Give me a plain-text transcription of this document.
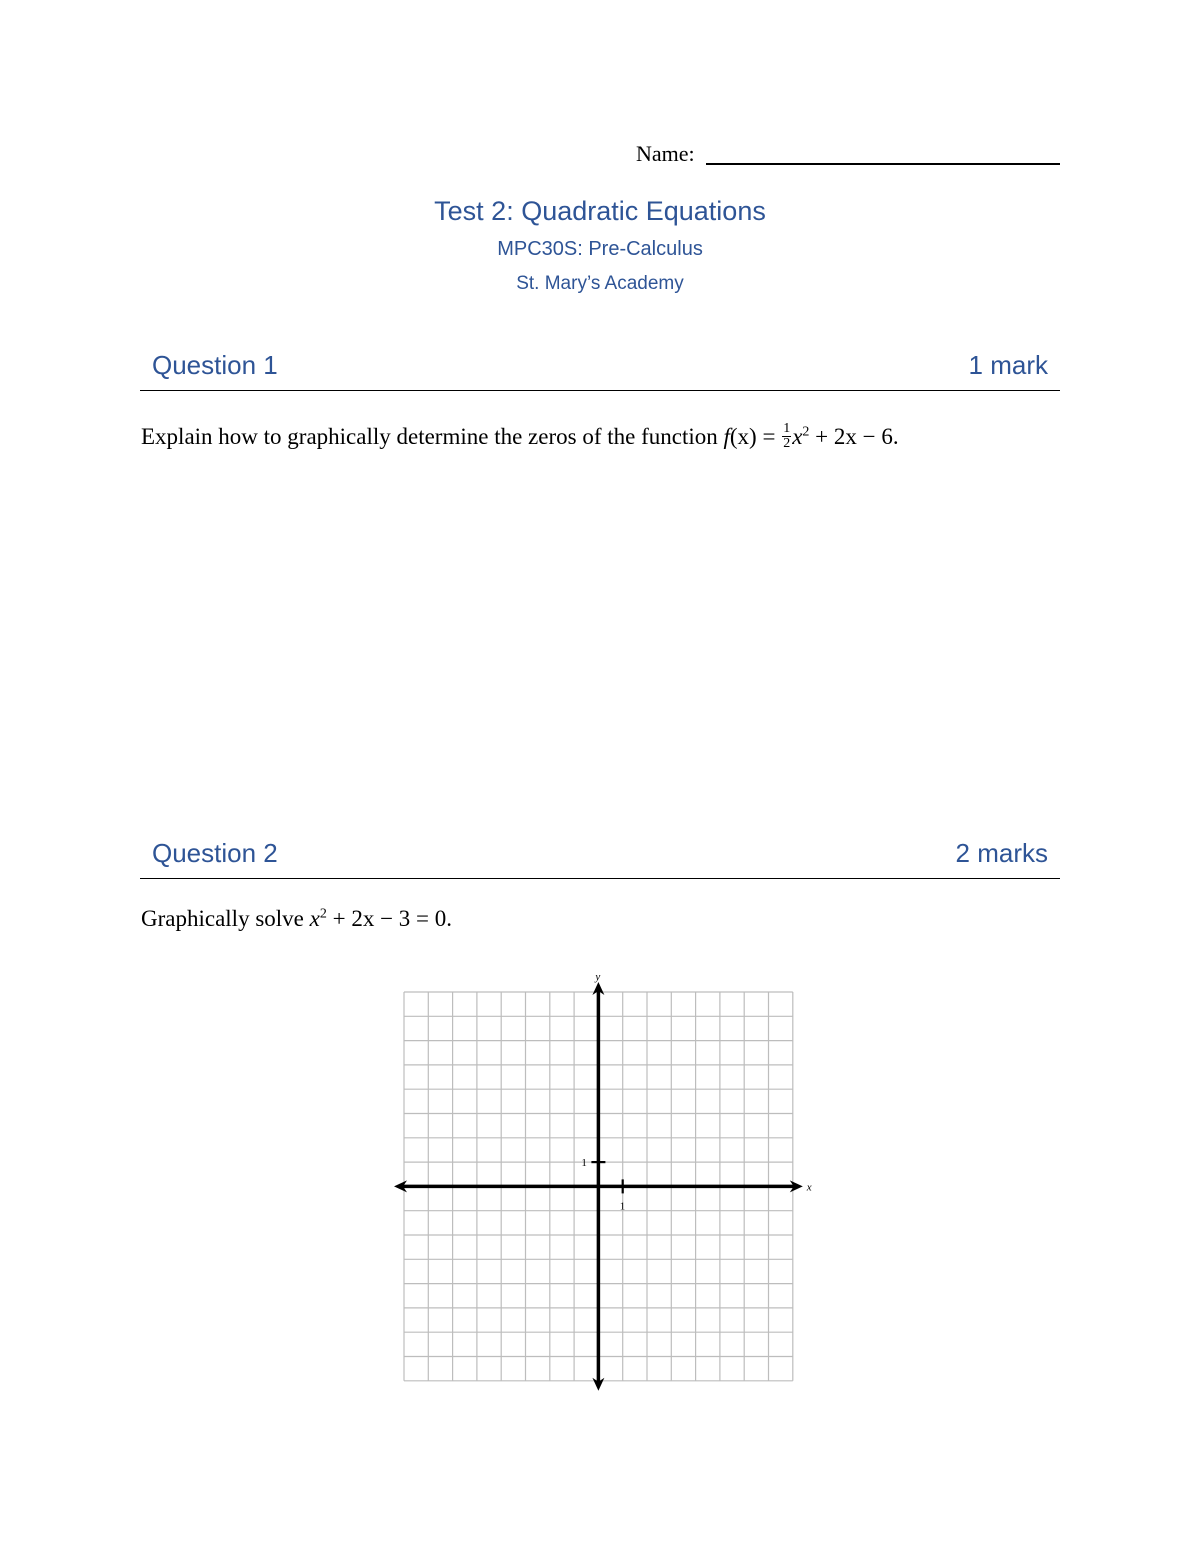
Name:
Test 2: Quadratic Equations
MPC30S: Pre-Calculus
St. Mary’s Academy
Question 1	1 mark
Explain how to graphically determine the zeros of the function $f(x) = \frac{1}{2} x^2 + 2x - 6$.
Question 2	2 marks
Graphically solve $x^2 + 2x - 3 = 0$.
x
y
1
1
